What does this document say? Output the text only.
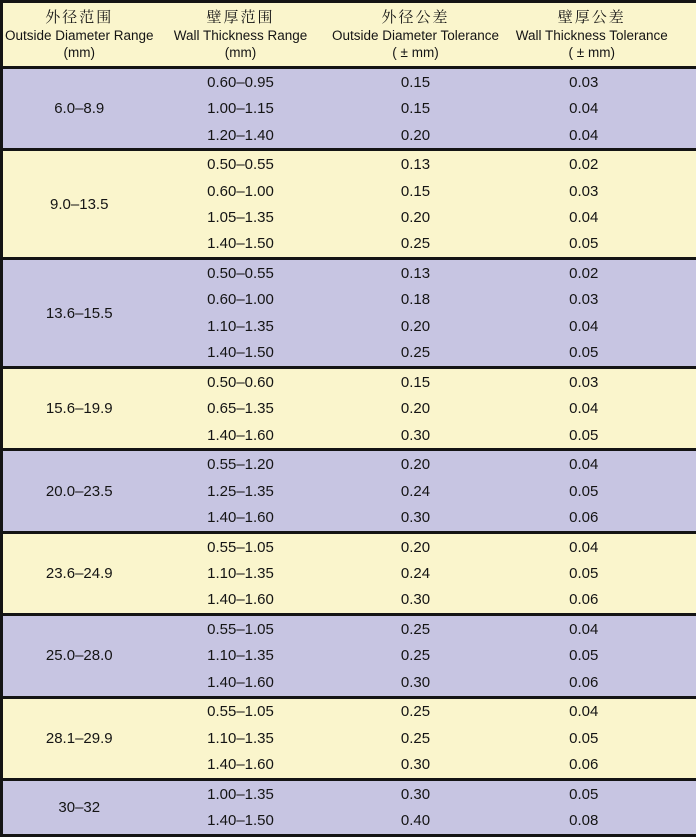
外径范围
Outside Diameter Range
(mm)	壁厚范围
Wall Thickness Range
(mm)	外径公差
Outside Diameter Tolerance
( ± mm)	壁厚公差
Wall Thickness Tolerance
( ± mm)

6.0–8.9	0.60–0.95	0.15	0.03
	1.00–1.15	0.15	0.04
	1.20–1.40	0.20	0.04
9.0–13.5	0.50–0.55	0.13	0.02
	0.60–1.00	0.15	0.03
	1.05–1.35	0.20	0.04
	1.40–1.50	0.25	0.05
13.6–15.5	0.50–0.55	0.13	0.02
	0.60–1.00	0.18	0.03
	1.10–1.35	0.20	0.04
	1.40–1.50	0.25	0.05
15.6–19.9	0.50–0.60	0.15	0.03
	0.65–1.35	0.20	0.04
	1.40–1.60	0.30	0.05
20.0–23.5	0.55–1.20	0.20	0.04
	1.25–1.35	0.24	0.05
	1.40–1.60	0.30	0.06
23.6–24.9	0.55–1.05	0.20	0.04
	1.10–1.35	0.24	0.05
	1.40–1.60	0.30	0.06
25.0–28.0	0.55–1.05	0.25	0.04
	1.10–1.35	0.25	0.05
	1.40–1.60	0.30	0.06
28.1–29.9	0.55–1.05	0.25	0.04
	1.10–1.35	0.25	0.05
	1.40–1.60	0.30	0.06
30–32	1.00–1.35	0.30	0.05
	1.40–1.50	0.40	0.08
